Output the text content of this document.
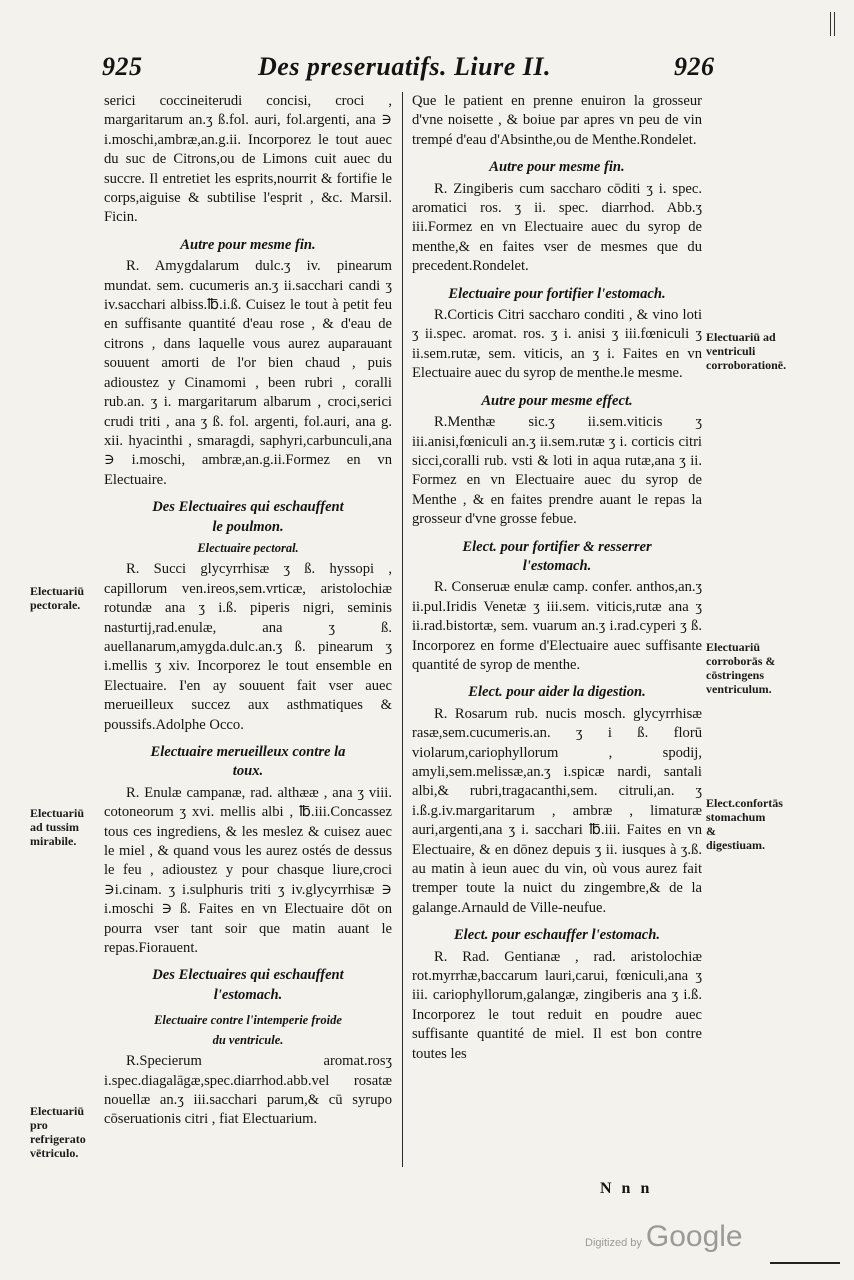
925	Des preseruatifs. Liure II.	926

serici coccineiterudi concisi, croci , margaritarum an.ʒ ß.fol. auri, fol.argenti, ana ∋ i.moschi,ambræ,an.g.ii. Incorporez le tout auec du suc de Citrons,ou de Limons cuit auec du succre. Il entretiet les esprits,nourrit & fortifie le corps,aiguise & subtilise l'esprit , &c. Marsil. Ficin.

Autre pour mesme fin.

R. Amygdalarum dulc.ʒ iv. pinearum mundat. sem. cucumeris an.ʒ ii.sacchari candi ʒ iv.sacchari albiss.℔.i.ß. Cuisez le tout à petit feu en suffisante quantité d'eau rose , & d'eau de citrons , dans laquelle vous aurez auparauant souuent amorti de l'or bien chaud , puis adioustez y Cinamomi , been rubri , coralli rub.an. ʒ i. margaritarum albarum , croci,serici crudi triti , ana ʒ ß. fol. argenti, fol.auri, ana g. xii. hyacinthi , smaragdi, saphyri,carbunculi,ana ∋ i.moschi, ambræ,an.g.ii.Formez en vn Electuaire.

Des Electuaires qui eschauffent

le poulmon.

Electuaire pectoral.

R. Succi glycyrrhisæ ʒ ß. hyssopi , capillorum ven.ireos,sem.vrticæ, aristolochiæ rotundæ ana ʒ i.ß. piperis nigri, seminis nasturtij,rad.enulæ, ana ʒ ß. auellanarum,amygda.dulc.an.ʒ ß. pinearum ʒ i.mellis ʒ xiv. Incorporez le tout ensemble en Electuaire. I'en ay souuent fait vser auec merueilleux succez aux asthmatiques & poussifs.Adolphe Occo.

Electuaire merueilleux contre la

toux.

R. Enulæ campanæ, rad. althææ , ana ʒ viii. cotoneorum ʒ xvi. mellis albi , ℔.iii.Concassez tous ces ingrediens, & les meslez & cuisez auec le miel , & quand vous les aurez ostés de dessus le feu , adioustez y pour chasque liure,croci ∋i.cinam. ʒ i.sulphuris triti ʒ iv.glycyrrhisæ ∋ i.moschi ∋ ß. Faites en vn Electuaire dōt on pourra vser tant soir que matin auant le repas.Fiorauent.

Des Electuaires qui eschauffent

l'estomach.

Electuaire contre l'intemperie froide

du ventricule.

R.Specierum aromat.rosʒ i.spec.diagalāgæ,spec.diarrhod.abb.vel rosatæ nouellæ an.ʒ iii.sacchari parum,& cū syrupo cōseruationis citri , fiat Electuarium.

Que le patient en prenne enuiron la grosseur d'vne noisette , & boiue par apres vn peu de vin trempé d'eau d'Absinthe,ou de Menthe.Rondelet.

Autre pour mesme fin.

R. Zingiberis cum saccharo cōditi ʒ i. spec. aromatici ros. ʒ ii. spec. diarrhod. Abb.ʒ iii.Formez en vn Electuaire auec du syrop de menthe,& en faites vser de mesmes que du precedent.Rondelet.

Electuaire pour fortifier l'estomach.

R.Corticis Citri saccharo conditi , & vino loti ʒ ii.spec. aromat. ros. ʒ i. anisi ʒ iii.fœniculi ʒ ii.sem.rutæ, sem. viticis, an ʒ i. Faites en vn Electuaire auec du syrop de menthe.le mesme.

Autre pour mesme effect.

R.Menthæ sic.ʒ ii.sem.viticis ʒ iii.anisi,fœniculi an.ʒ ii.sem.rutæ ʒ i. corticis citri sicci,coralli rub. vsti & loti in aqua rutæ,ana ʒ ii. Formez en vn Electuaire auec du syrop de Menthe , & en faites prendre auant le repas la grosseur d'vne grosse febue.

Elect. pour fortifier & resserrer

l'estomach.

R. Conseruæ enulæ camp. confer. anthos,an.ʒ ii.pul.Iridis Venetæ ʒ iii.sem. viticis,rutæ ana ʒ ii.rad.bistortæ, sem. vuarum an.ʒ i.rad.cyperi ʒ ß. Incorporez en forme d'Electuaire auec suffisante quantité de syrop de menthe.

Elect. pour aider la digestion.

R. Rosarum rub. nucis mosch. glycyrrhisæ rasæ,sem.cucumeris.an. ʒ i ß. florū violarum,cariophyllorum , spodij, amyli,sem.melissæ,an.ʒ i.spicæ nardi, santali albi,& rubri,tragacanthi,sem. citruli,an. ʒ i.ß.g.iv.margaritarum , ambræ , limaturæ auri,argenti,ana ʒ i. sacchari ℔.iii. Faites en vn Electuaire, & en dōnez depuis ʒ ii. iusques à ʒ.ß. au matin à ieun auec du vin, où vous aurez fait tremper toute la nuict du zingembre,& de la galange.Arnauld de Ville-neufue.

Elect. pour eschauffer l'estomach.

R. Rad. Gentianæ , rad. aristolochiæ rot.myrrhæ,baccarum lauri,carui, fœniculi,ana ʒ iii. cariophyllorum,galangæ, zingiberis ana ʒ i.ß. Incorporez le tout reduit en poudre auec suffisante quantité de miel. Il est bon contre toutes les

Electuariū pectorale.
Electuariū ad tussim mirabile.
Electuariū pro refrigerato vētriculo.
Electuariū ad ventriculi corroborationē.
Electuariū corroborās & cōstringens ventriculum.
Elect.confortās stomachum & digestiuam.
N n n
Digitized by Google
